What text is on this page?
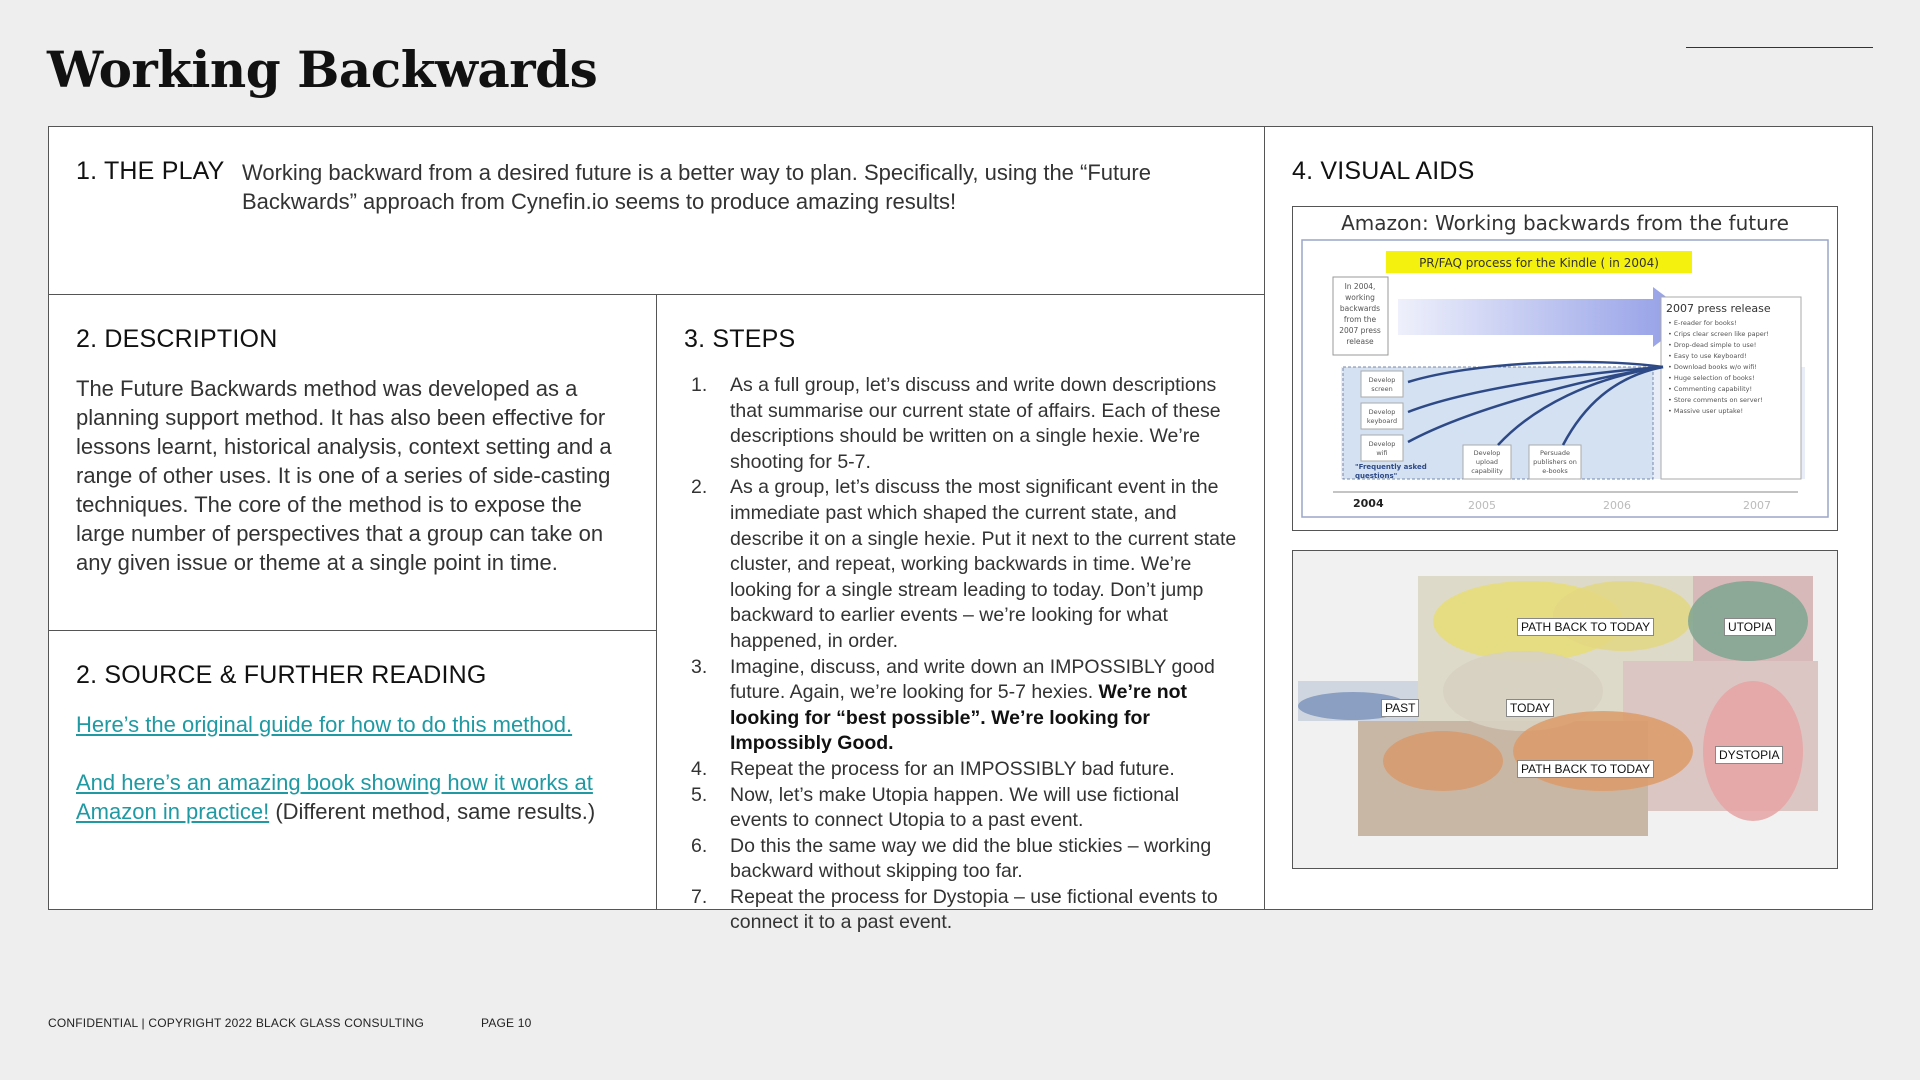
Working Backwards
1. THE PLAY Working backward from a desired future is a better way to plan. Specifically, using the “Future Backwards” approach from Cynefin.io seems to produce amazing results!
2. DESCRIPTION
The Future Backwards method was developed as a planning support method. It has also been effective for lessons learnt, historical analysis, context setting and a range of other uses. It is one of a series of side-casting techniques. The core of the method is to expose the large number of perspectives that a group can take on any given issue or theme at a single point in time.
2. SOURCE & FURTHER READING
Here’s the original guide for how to do this method.
And here’s an amazing book showing how it works at Amazon in practice! (Different method, same results.)
3. STEPS
1. As a full group, let’s discuss and write down descriptions that summarise our current state of affairs. Each of these descriptions should be written on a single hexie. We’re shooting for 5-7.
2. As a group, let’s discuss the most significant event in the immediate past which shaped the current state, and describe it on a single hexie. Put it next to the current state cluster, and repeat, working backwards in time. We’re looking for a single stream leading to today. Don’t jump backward to earlier events – we’re looking for what happened, in order.
3. Imagine, discuss, and write down an IMPOSSIBLY good future. Again, we’re looking for 5-7 hexies. We’re not looking for “best possible”. We’re looking for Impossibly Good.
4. Repeat the process for an IMPOSSIBLY bad future.
5. Now, let’s make Utopia happen. We will use fictional events to connect Utopia to a past event.
6. Do this the same way we did the blue stickies – working backward without skipping too far.
7. Repeat the process for Dystopia – use fictional events to connect it to a past event.
4. VISUAL AIDS
Amazon: Working backwards from the future
PR/FAQ process for the Kindle ( in 2004)
In 2004,
working
backwards
from the
2007 press
release
2007 press release
• E-reader for books!
• Crips clear screen like paper!
• Drop-dead simple to use!
• Easy to use Keyboard!
• Download books w/o wifi!
• Huge selection of books!
• Commenting capability!
• Store comments on server!
• Massive user uptake!
Develop
screen
Develop
keyboard
Develop
wifi	Develop
upload
capability
Persuade
publishers on
e-books
"Frequently asked
questions"
2004	2005	2006	2007
PATH BACK TO TODAY	UTOPIA
PAST	TODAY
DYSTOPIA
PATH BACK TO TODAY
CONFIDENTIAL | COPYRIGHT 2022 BLACK GLASS CONSULTING	PAGE 10
